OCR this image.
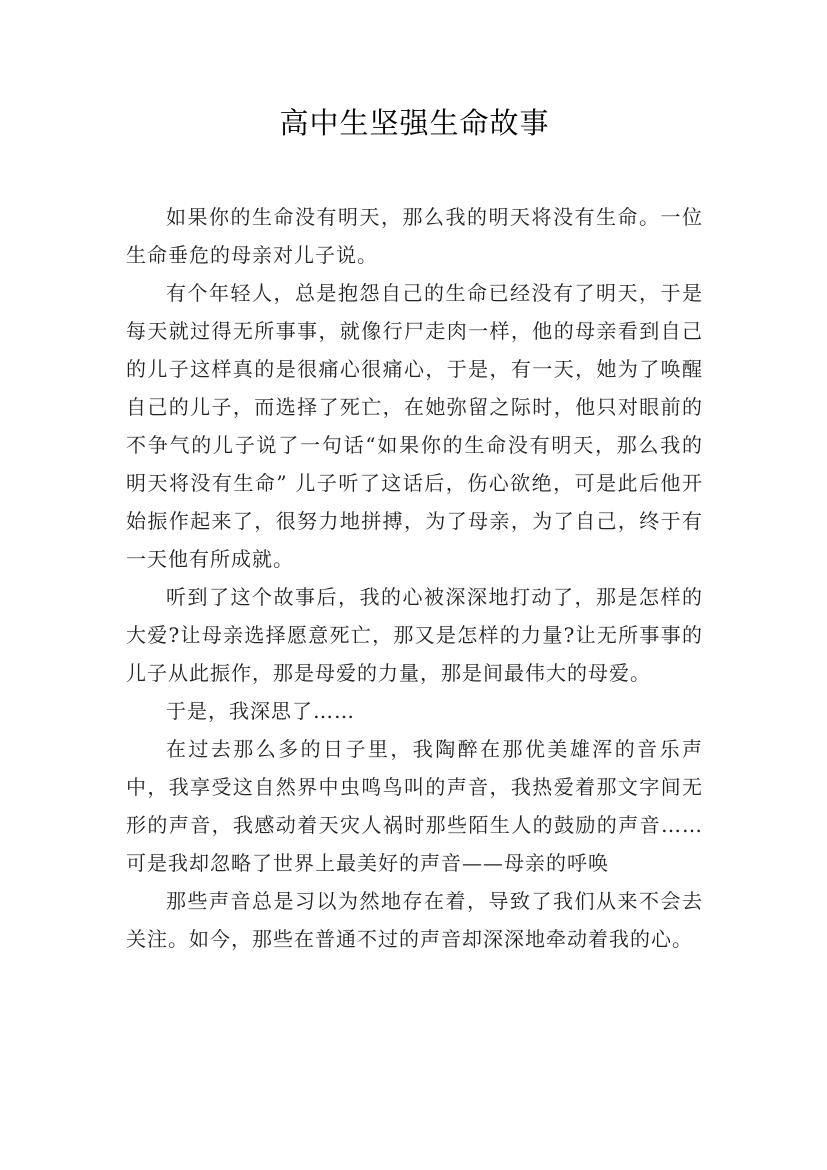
高中生坚强生命故事

如果你的生命没有明天，那么我的明天将没有生命。一位生命垂危的母亲对儿子说。

有个年轻人，总是抱怨自己的生命已经没有了明天，于是每天就过得无所事事，就像行尸走肉一样，他的母亲看到自己的儿子这样真的是很痛心很痛心，于是，有一天，她为了唤醒自己的儿子，而选择了死亡，在她弥留之际时，他只对眼前的不争气的儿子说了一句话“如果你的生命没有明天，那么我的明天将没有生命” 儿子听了这话后，伤心欲绝，可是此后他开始振作起来了，很努力地拼搏，为了母亲，为了自己，终于有一天他有所成就。

听到了这个故事后，我的心被深深地打动了，那是怎样的大爱?让母亲选择愿意死亡，那又是怎样的力量?让无所事事的儿子从此振作，那是母爱的力量，那是间最伟大的母爱。

于是，我深思了……

在过去那么多的日子里，我陶醉在那优美雄浑的音乐声中，我享受这自然界中虫鸣鸟叫的声音，我热爱着那文字间无形的声音，我感动着天灾人祸时那些陌生人的鼓励的声音……可是我却忽略了世界上最美好的声音——母亲的呼唤

那些声音总是习以为然地存在着，导致了我们从来不会去关注。如今，那些在普通不过的声音却深深地牵动着我的心。
